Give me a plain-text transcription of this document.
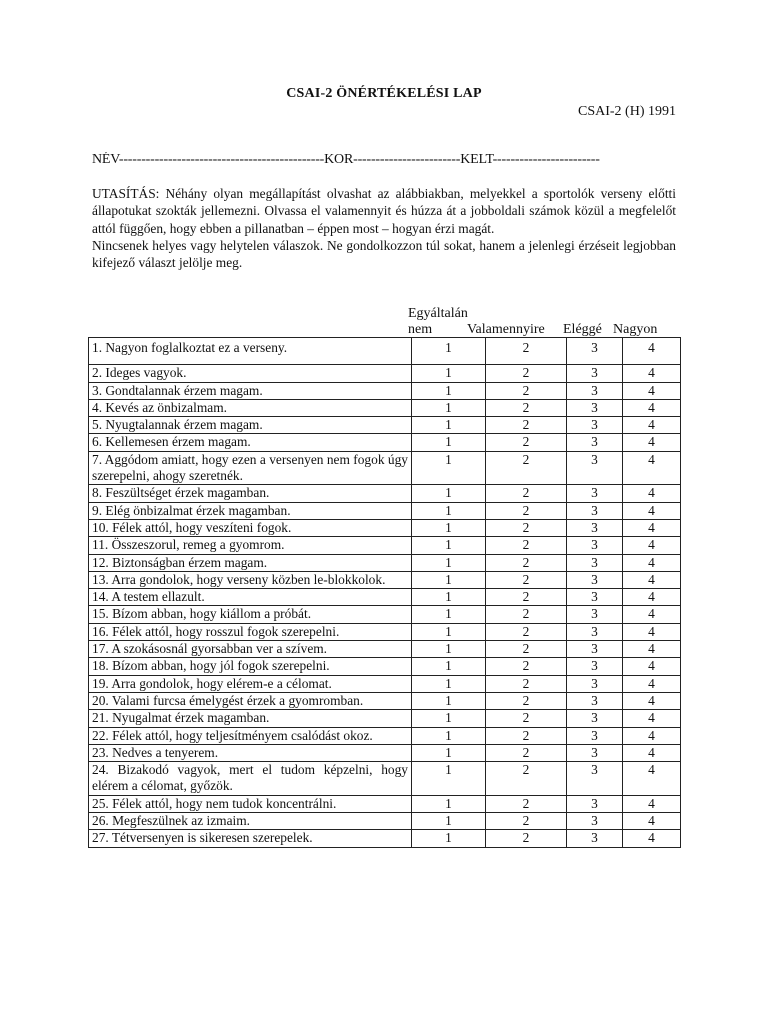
CSAI-2 ÖNÉRTÉKELÉSI LAP
CSAI-2 (H) 1991
NÉV----------------------------------------------KOR------------------------KELT------------------------

UTASÍTÁS: Néhány olyan megállapítást olvashat az alábbiakban, melyekkel a sportolók verseny előtti állapotukat szokták jellemezni. Olvassa el valamennyit és húzza át a jobboldali számok közül a megfelelőt attól függően, hogy ebben a pillanatban – éppen most – hogyan érzi magát.

Nincsenek helyes vagy helytelen válaszok. Ne gondolkozzon túl sokat, hanem a jelenlegi érzéseit legjobban kifejező választ jelölje meg.

Egyáltalán
nem Valamennyire Eléggé Nagyon
1. Nagyon foglalkoztat ez a verseny.	1	2	3	4
2. Ideges vagyok.	1	2	3	4
3. Gondtalannak érzem magam.	1	2	3	4
4. Kevés az önbizalmam.	1	2	3	4
5. Nyugtalannak érzem magam.	1	2	3	4
6. Kellemesen érzem magam.	1	2	3	4
7. Aggódom amiatt, hogy ezen a versenyen nem fogok úgy szerepelni, ahogy szeretnék.	1	2	3	4
8. Feszültséget érzek magamban.	1	2	3	4
9. Elég önbizalmat érzek magamban.	1	2	3	4
10. Félek attól, hogy veszíteni fogok.	1	2	3	4
11. Összeszorul, remeg a gyomrom.	1	2	3	4
12. Biztonságban érzem magam.	1	2	3	4
13. Arra gondolok, hogy verseny közben le-blokkolok.	1	2	3	4
14. A testem ellazult.	1	2	3	4
15. Bízom abban, hogy kiállom a próbát.	1	2	3	4
16. Félek attól, hogy rosszul fogok szerepelni.	1	2	3	4
17. A szokásosnál gyorsabban ver a szívem.	1	2	3	4
18. Bízom abban, hogy jól fogok szerepelni.	1	2	3	4
19. Arra gondolok, hogy elérem-e a célomat.	1	2	3	4
20. Valami furcsa émelygést érzek a gyomromban.	1	2	3	4
21. Nyugalmat érzek magamban.	1	2	3	4
22. Félek attól, hogy teljesítményem csalódást okoz.	1	2	3	4
23. Nedves a tenyerem.	1	2	3	4
24. Bizakodó vagyok, mert el tudom képzelni, hogy elérem a célomat, győzök.	1	2	3	4
25. Félek attól, hogy nem tudok koncentrálni.	1	2	3	4
26. Megfeszülnek az izmaim.	1	2	3	4
27. Tétversenyen is sikeresen szerepelek.	1	2	3	4
